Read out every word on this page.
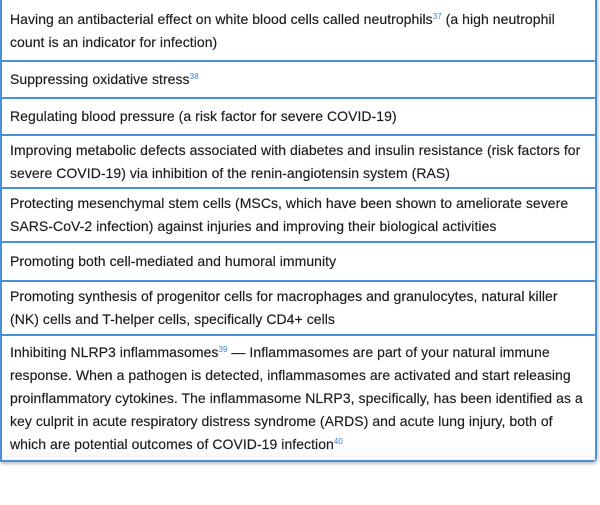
Having an antibacterial effect on white blood cells called neutrophils$^{37}$ (a high neutrophil count is an indicator for infection)
Suppressing oxidative stress$^{38}$
Regulating blood pressure (a risk factor for severe COVID-19)
Improving metabolic defects associated with diabetes and insulin resistance (risk factors for severe COVID-19) via inhibition of the renin-angiotensin system (RAS)
Protecting mesenchymal stem cells (MSCs, which have been shown to ameliorate severe SARS-CoV-2 infection) against injuries and improving their biological activities
Promoting both cell-mediated and humoral immunity
Promoting synthesis of progenitor cells for macrophages and granulocytes, natural killer (NK) cells and T-helper cells, specifically CD4+ cells
Inhibiting NLRP3 inflammasomes$^{39}$ — Inflammasomes are part of your natural immune response. When a pathogen is detected, inflammasomes are activated and start releasing proinflammatory cytokines. The inflammasome NLRP3, specifically, has been identified as a key culprit in acute respiratory distress syndrome (ARDS) and acute lung injury, both of which are potential outcomes of COVID-19 infection$^{40}$
